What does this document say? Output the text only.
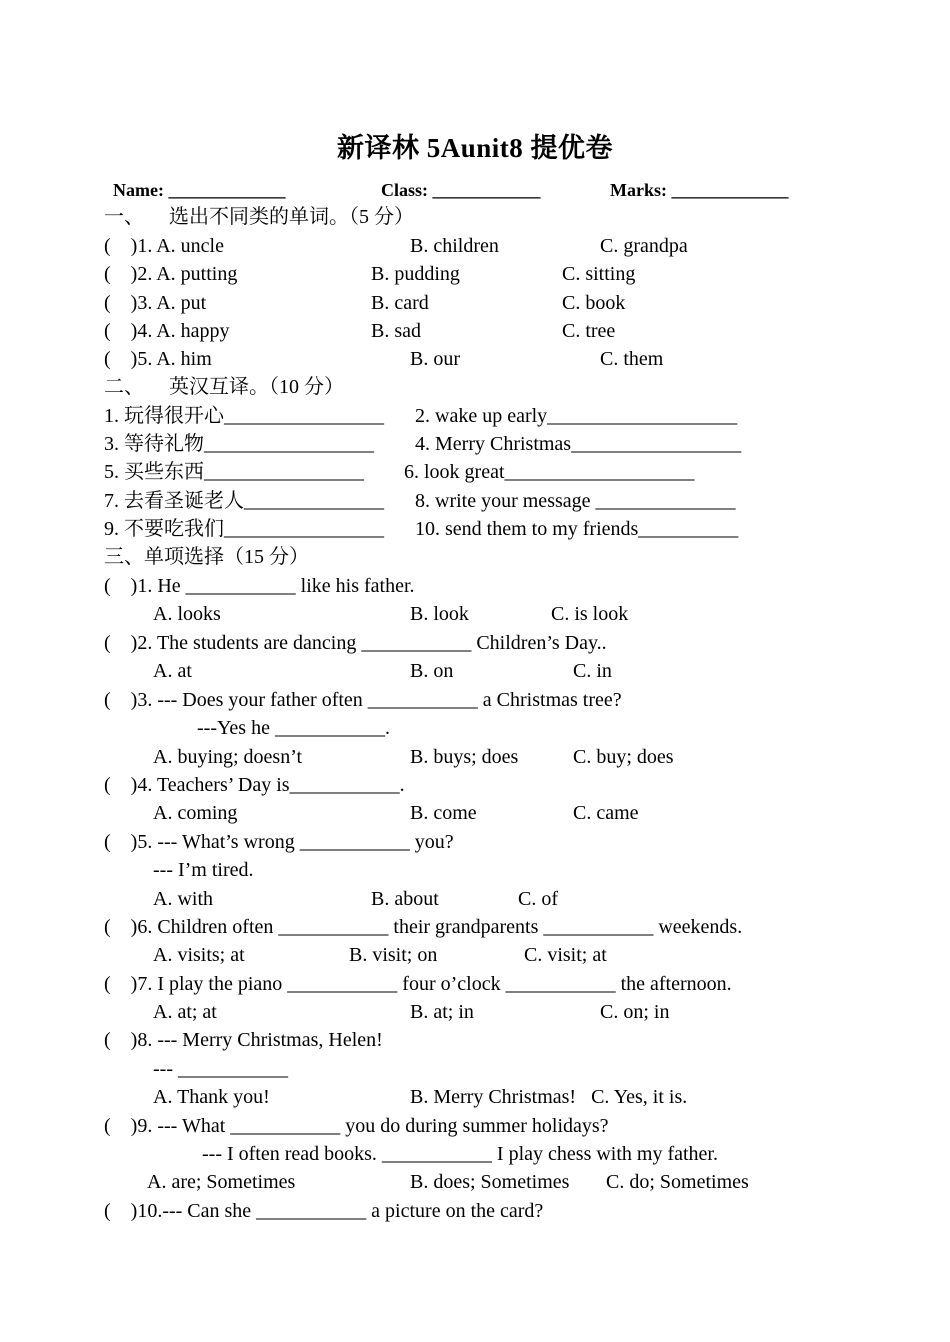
新译林 5Aunit8 提优卷
Name: _____________	Class: ____________	Marks: _____________
一、     选出不同类的单词。（5 分）
(    )1. A. uncle	B. children	C. grandpa
(    )2. A. putting	B. pudding	C. sitting
(    )3. A. put	B. card	C. book
(    )4. A. happy	B. sad	C. tree
(    )5. A. him	B. our	C. them
二、     英汉互译。（10 分）
1. 玩得很开心________________ 2. wake up early___________________
3. 等待礼物_________________ 4. Merry Christmas_________________
5. 买些东西________________ 6. look great___________________
7. 去看圣诞老人______________ 8. write your message ______________
9. 不要吃我们________________ 10. send them to my friends__________
三、单项选择（15 分）
(    )1. He ___________ like his father.
A. looks	B. look	C. is look
(    )2. The students are dancing ___________ Children’s Day..
A. at	B. on	C. in
(    )3. --- Does your father often ___________ a Christmas tree?
---Yes he ___________.
A. buying; doesn’t	B. buys; does	C. buy; does
(    )4. Teachers’ Day is___________.
A. coming	B. come	C. came
(    )5. --- What’s wrong ___________ you?
--- I’m tired.
A. with	B. about	C. of
(    )6. Children often ___________ their grandparents ___________ weekends.
A. visits; at	B. visit; on	C. visit; at
(    )7. I play the piano ___________ four o’clock ___________ the afternoon.
A. at; at	B. at; in	C. on; in
(    )8. --- Merry Christmas, Helen!
--- ___________
A. Thank you!	B. Merry Christmas!   C. Yes, it is.
(    )9. --- What ___________ you do during summer holidays?
--- I often read books. ___________ I play chess with my father.
A. are; Sometimes	B. does; Sometimes C. do; Sometimes
(    )10.--- Can she ___________ a picture on the card?
